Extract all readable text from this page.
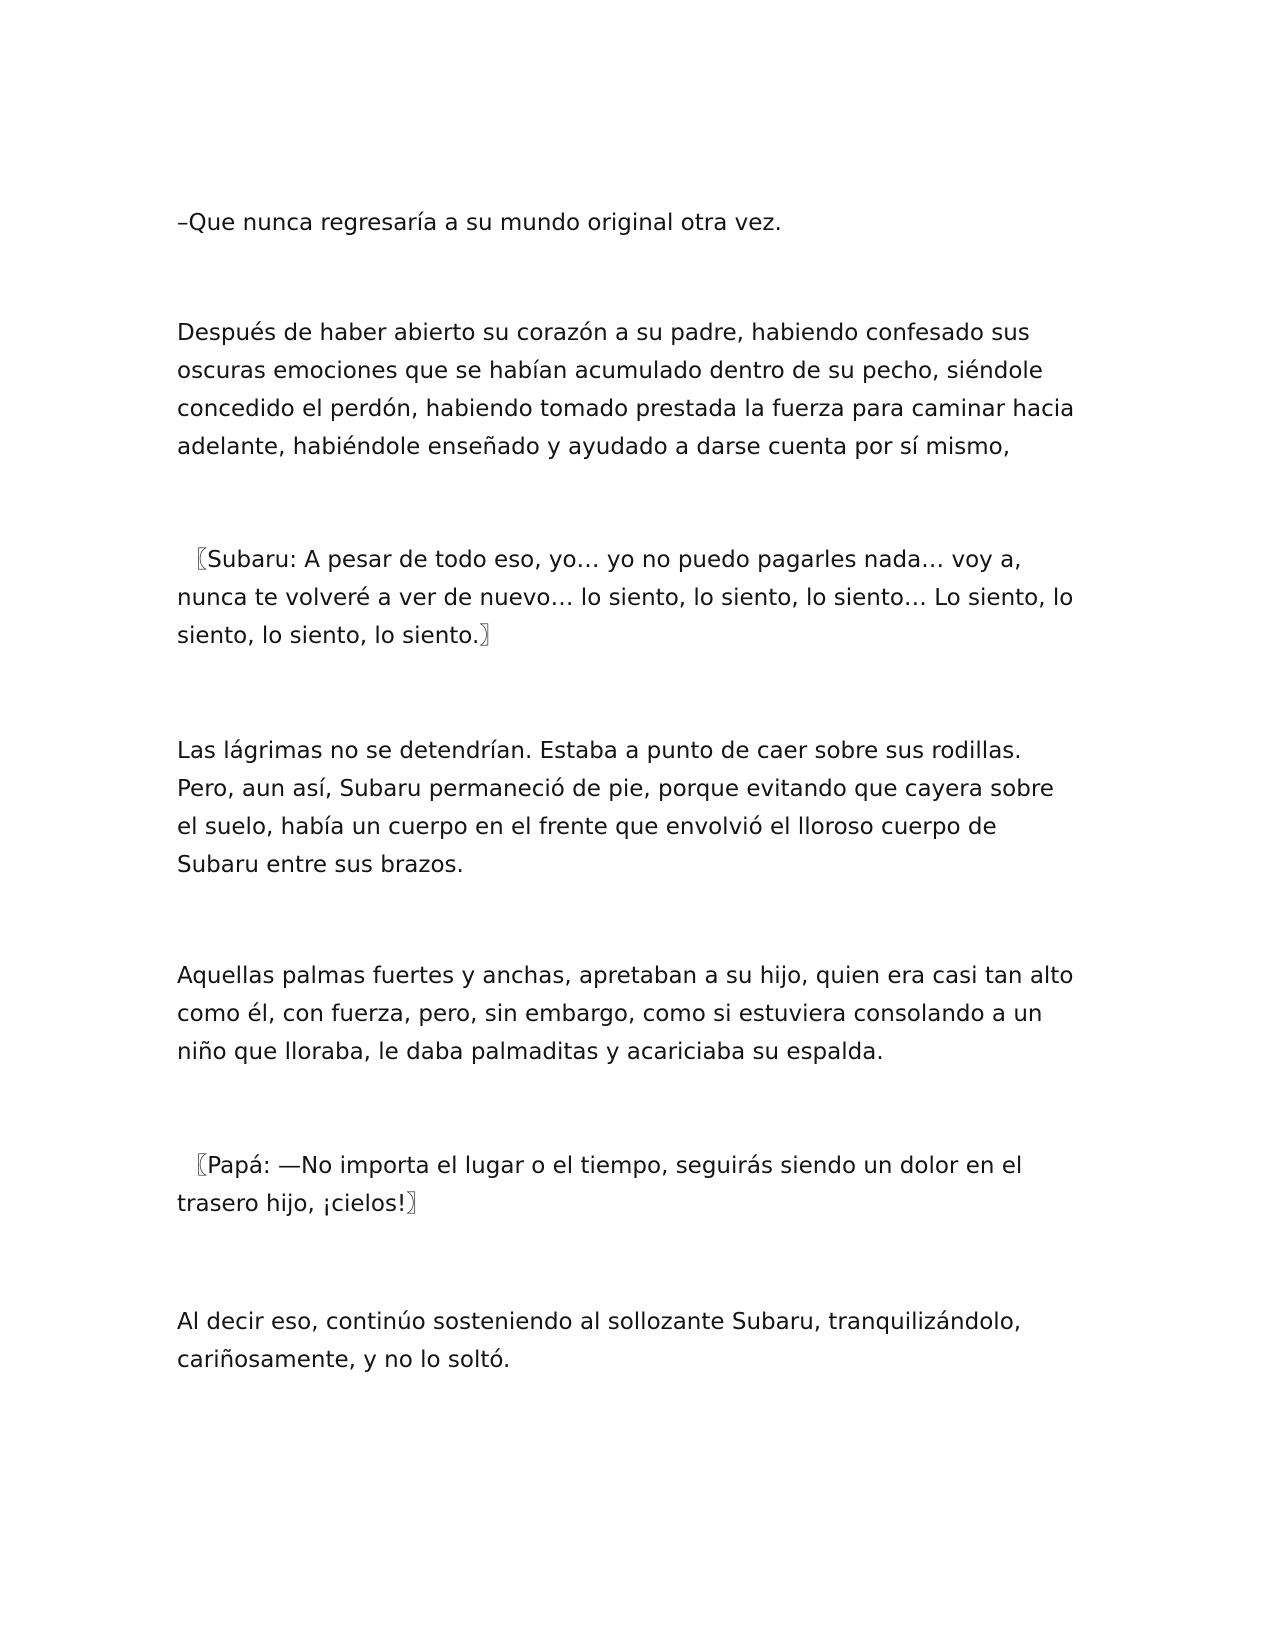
–Que nunca regresaría a su mundo original otra vez.

Después de haber abierto su corazón a su padre, habiendo confesado sus
oscuras emociones que se habían acumulado dentro de su pecho, siéndole
concedido el perdón, habiendo tomado prestada la fuerza para caminar hacia
adelante, habiéndole enseñado y ayudado a darse cuenta por sí mismo,

〖Subaru: A pesar de todo eso, yo… yo no puedo pagarles nada… voy a,
nunca te volveré a ver de nuevo… lo siento, lo siento, lo siento… Lo siento, lo
siento, lo siento, lo siento.〗

Las lágrimas no se detendrían. Estaba a punto de caer sobre sus rodillas.
Pero, aun así, Subaru permaneció de pie, porque evitando que cayera sobre
el suelo, había un cuerpo en el frente que envolvió el lloroso cuerpo de
Subaru entre sus brazos.

Aquellas palmas fuertes y anchas, apretaban a su hijo, quien era casi tan alto
como él, con fuerza, pero, sin embargo, como si estuviera consolando a un
niño que lloraba, le daba palmaditas y acariciaba su espalda.

〖Papá: —No importa el lugar o el tiempo, seguirás siendo un dolor en el
trasero hijo, ¡cielos!〗

Al decir eso, continúo sosteniendo al sollozante Subaru, tranquilizándolo,
cariñosamente, y no lo soltó.
